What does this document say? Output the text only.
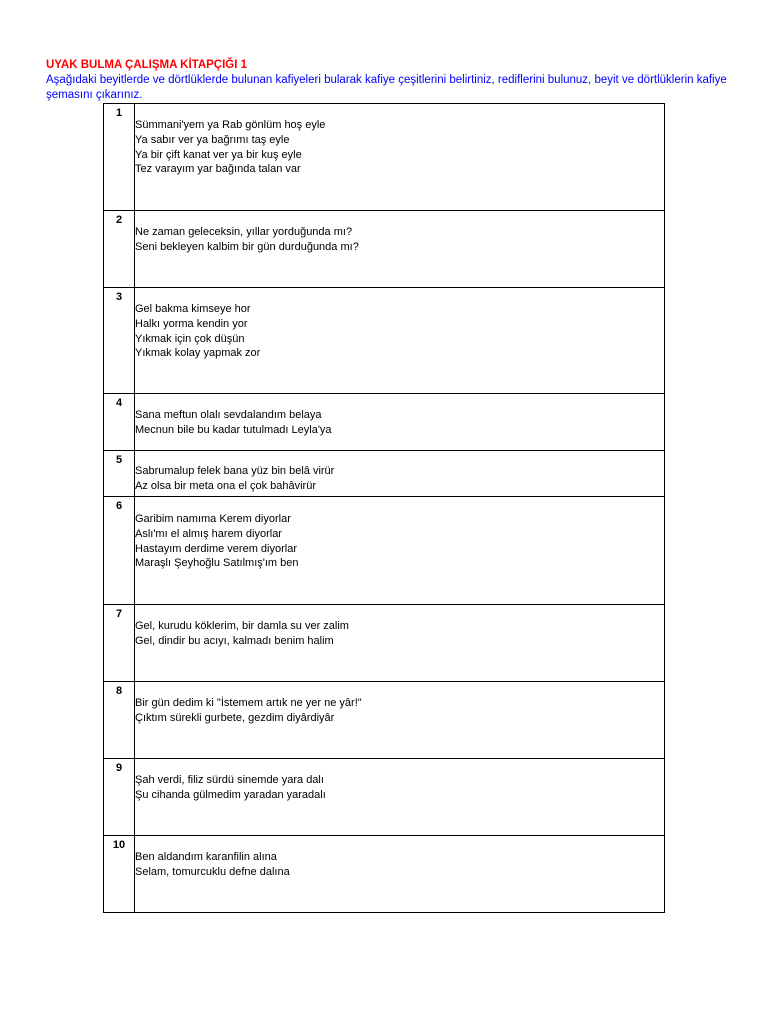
UYAK BULMA ÇALIŞMA KİTAPÇIĞI 1
Aşağıdaki beyitlerde ve dörtlüklerde bulunan kafiyeleri bularak kafiye çeşitlerini belirtiniz, rediflerini bulunuz, beyit ve dörtlüklerin kafiye şemasını çıkarınız.
1	Sümmani'yem ya Rab gönlüm hoş eyle
Ya sabır ver ya bağrımı taş eyle
Ya bir çift kanat ver ya bir kuş eyle
Tez varayım yar bağında talan var

2	Ne zaman geleceksin, yıllar yorduğunda mı?
Seni bekleyen kalbim bir gün durduğunda mı?

3	Gel bakma kimseye hor
Halkı yorma kendin yor
Yıkmak için çok düşün
Yıkmak kolay yapmak zor

4	Sana meftun olalı sevdalandım belaya
Mecnun bile bu kadar tutulmadı Leyla'ya

5	Sabrumalup felek bana yüz bin belâ virür
Az olsa bir meta ona el çok bahâvirür

6	Garibim namıma Kerem diyorlar
Aslı'mı el almış harem diyorlar
Hastayım derdime verem diyorlar
Maraşlı Şeyhoğlu Satılmış'ım ben

7	Gel, kurudu köklerim, bir damla su ver zalim
Gel, dindir bu acıyı, kalmadı benim halim

8	Bir gün dedim ki "İstemem artık ne yer ne yâr!"
Çıktım sürekli gurbete, gezdim diyârdiyâr

9	Şah verdi, filiz sürdü sinemde yara dalı
Şu cihanda gülmedim yaradan yaradalı

10	Ben aldandım karanfilin alına
Selam, tomurcuklu defne dalına
